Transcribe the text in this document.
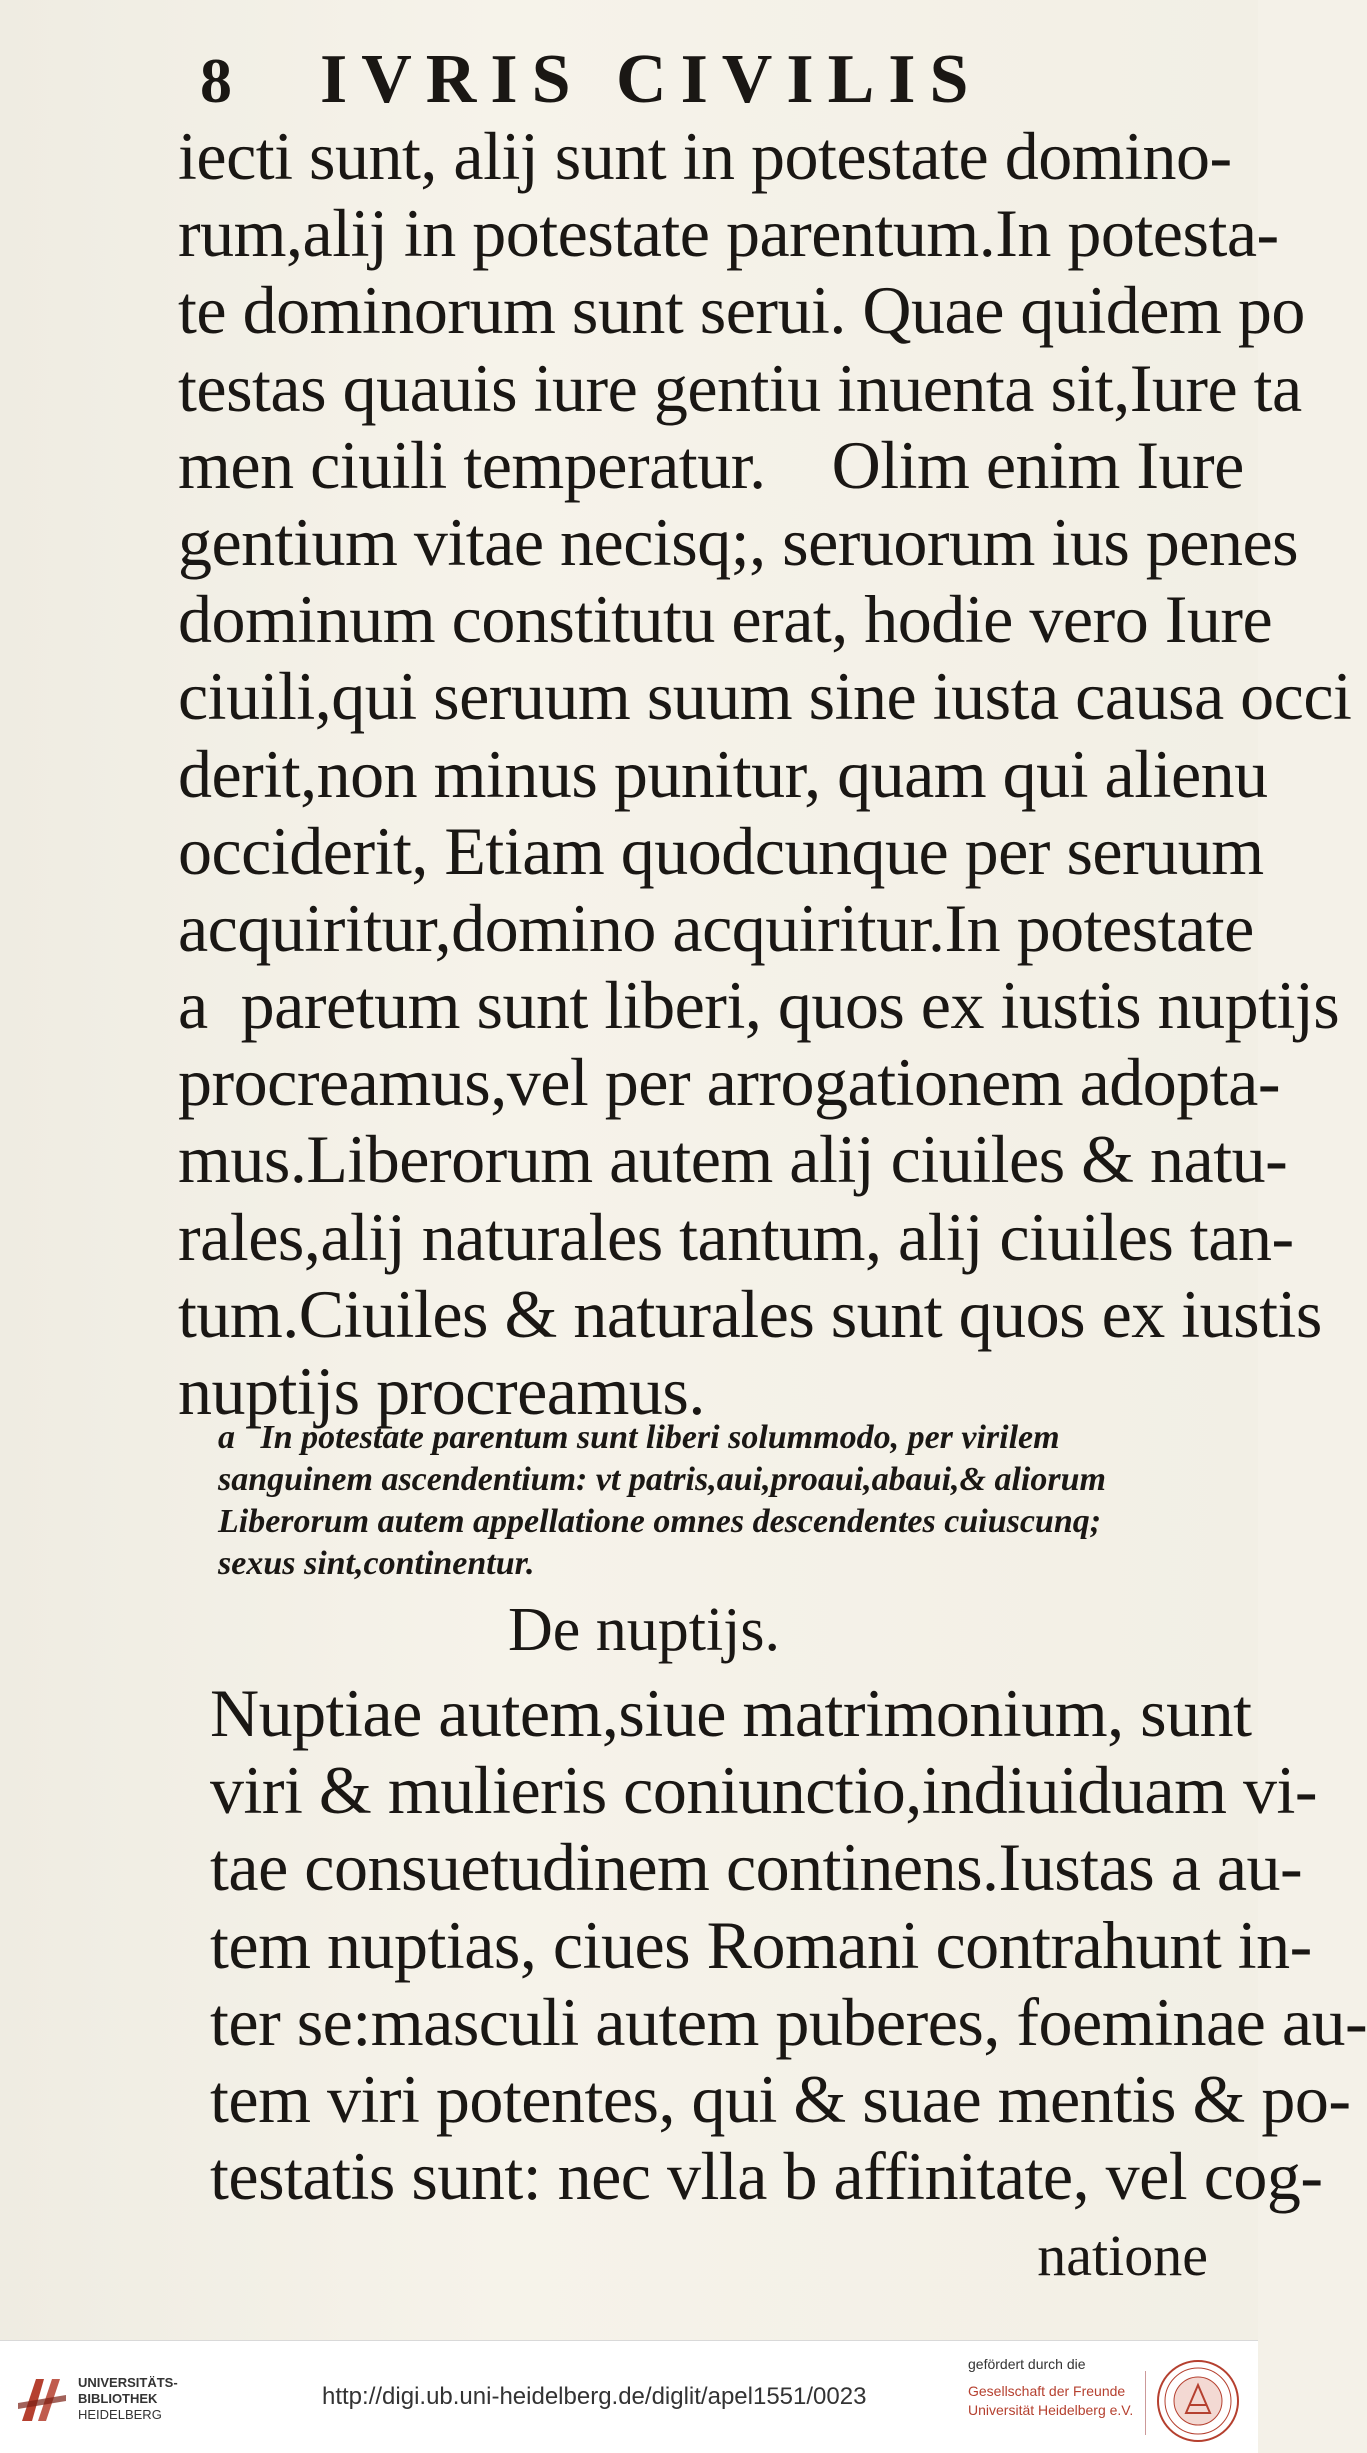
8	IVRIS CIVILIS
iecti sunt, alij sunt in potestate domino-
rum,alij in potestate parentum.In potesta-
te dominorum sunt serui. Quae quidem po
testas quauis iure gentiu inuenta sit,Iure ta
men ciuili temperatur.    Olim enim Iure
gentium vitae necisq;, seruorum ius penes
dominum constitutu erat, hodie vero Iure
ciuili,qui seruum suum sine iusta causa occi
derit,non minus punitur, quam qui alienu
occiderit, Etiam quodcunque per seruum
acquiritur,domino acquiritur.In potestate
a  paretum sunt liberi, quos ex iustis nuptijs
procreamus,vel per arrogationem adopta-
mus.Liberorum autem alij ciuiles & natu-
rales,alij naturales tantum, alij ciuiles tan-
tum.Ciuiles & naturales sunt quos ex iustis
nuptijs procreamus.
a   In potestate parentum sunt liberi solummodo, per virilem
sanguinem ascendentium: vt patris,aui,proaui,abaui,& aliorum
Liberorum autem appellatione omnes descendentes cuiuscunq;
sexus sint,continentur.
De nuptijs.
Nuptiae autem,siue matrimonium, sunt
viri & mulieris coniunctio,indiuiduam vi-
tae consuetudinem continens.Iustas a au-
tem nuptias, ciues Romani contrahunt in-
ter se:masculi autem puberes, foeminae au-
tem viri potentes, qui & suae mentis & po-
testatis sunt: nec vlla b affinitate, vel cog-
natione
UNIVERSITÄTS-
BIBLIOTHEK
HEIDELBERG
http://digi.ub.uni-heidelberg.de/diglit/apel1551/0023
gefördert durch die
Gesellschaft der Freunde
Universität Heidelberg e.V.
